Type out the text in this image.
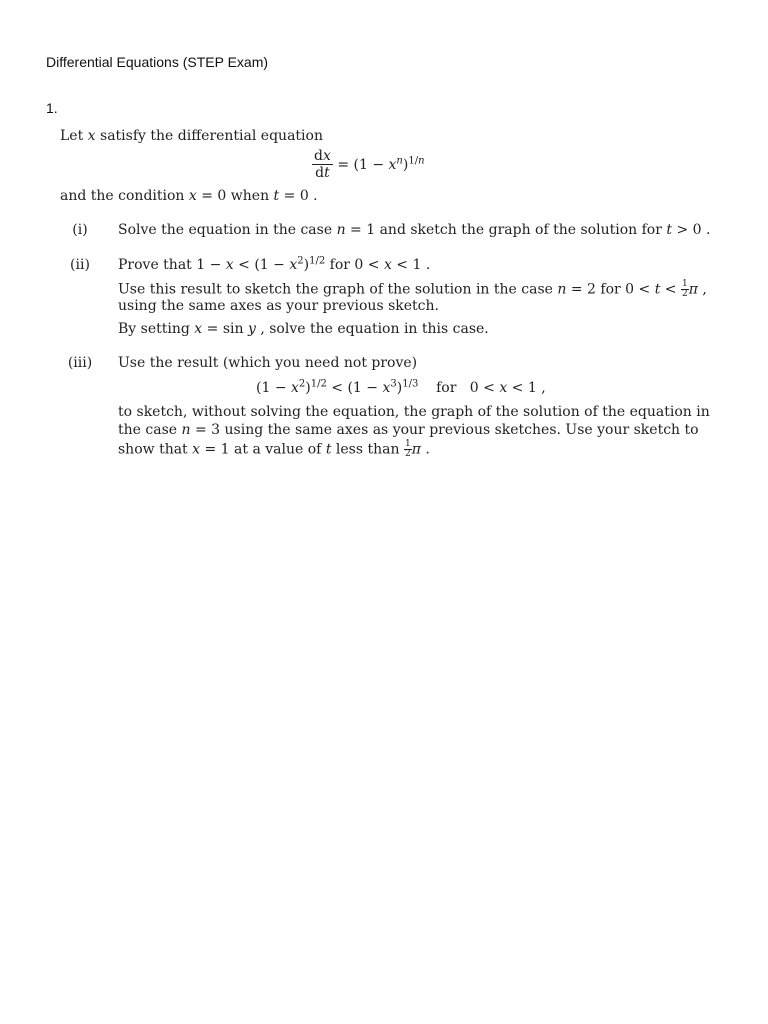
Differential Equations (STEP Exam)
1.
Let x satisfy the differential equation
$\frac{dx}{dt} = (1 - x^n)^{1/n}$
and the condition x = 0 when t = 0 .
(i)	Solve the equation in the case n = 1 and sketch the graph of the solution for t > 0 .
(ii)	Prove that $1 - x < (1 - x^2)^{1/2}$ for 0 < x < 1 .
Use this result to sketch the graph of the solution in the case n = 2 for $0 < t < \frac{1}{2}$ π ,
using the same axes as your previous sketch.
By setting x = sin y , solve the equation in this case.
(iii)	Use the result (which you need not prove)
$(1 - x^2)^{1/2} < (1 - x^3)^{1/3}$    for   0 < x < 1 ,
to sketch, without solving the equation, the graph of the solution of the equation in
the case n = 3 using the same axes as your previous sketches. Use your sketch to
show that x = 1 at a value of t less than $\frac{1}{2}$ π .
